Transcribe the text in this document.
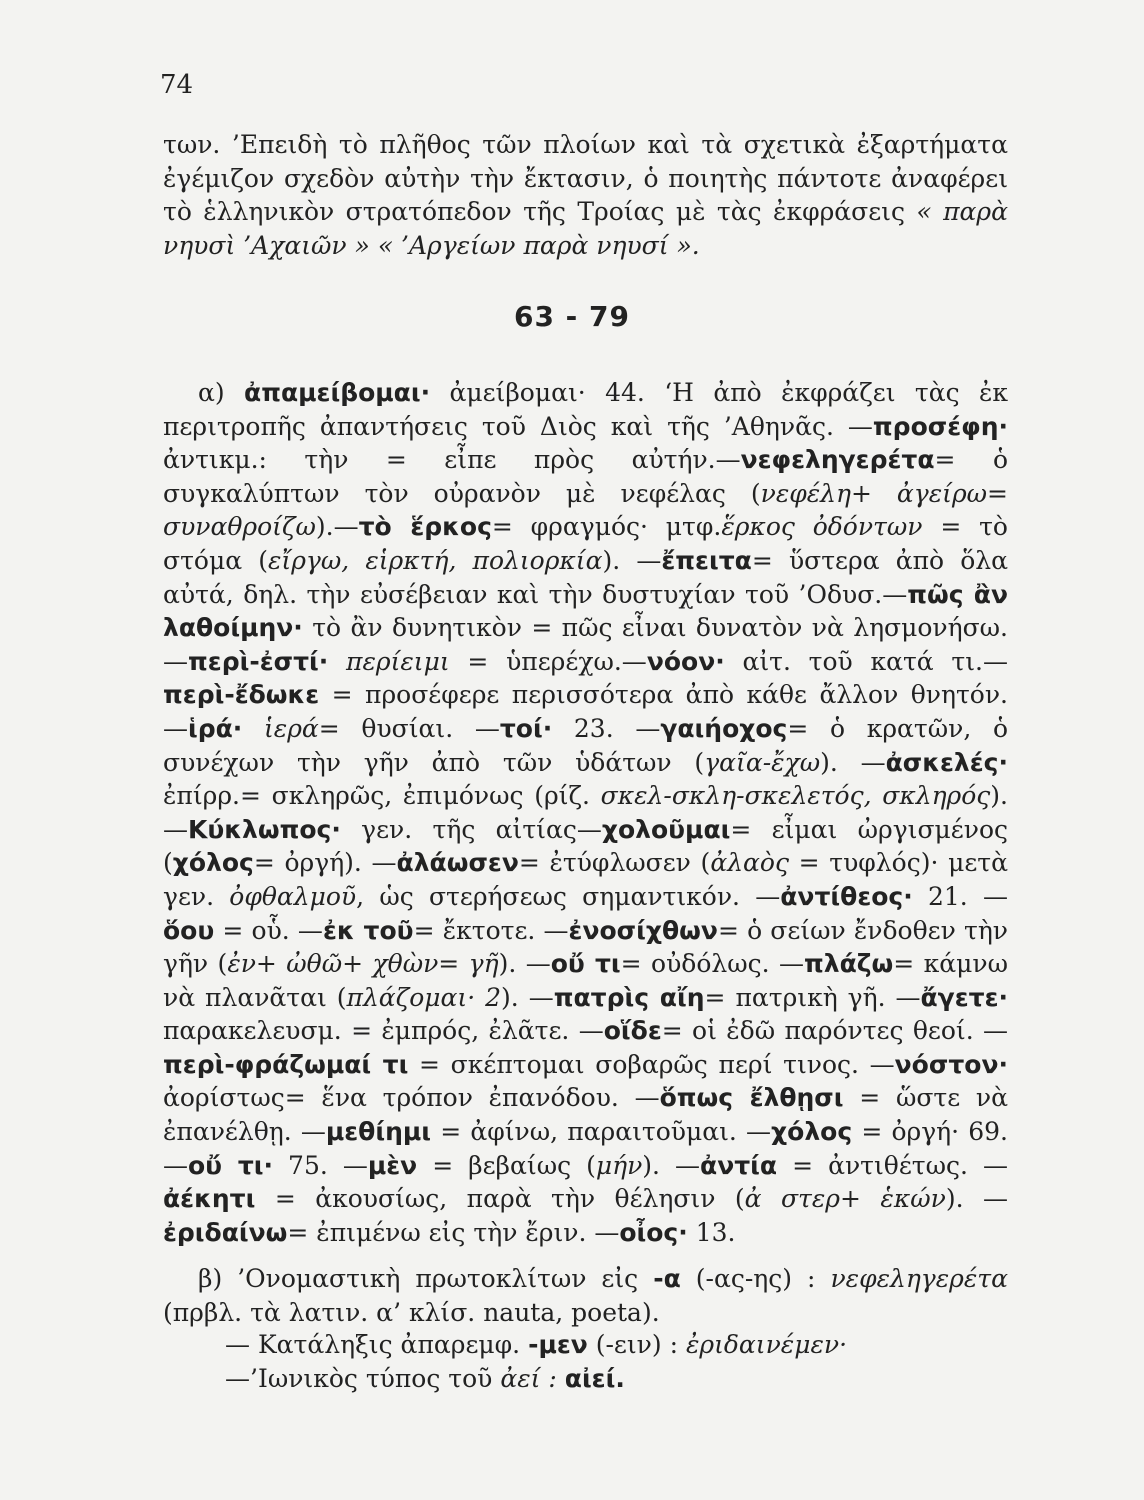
74
των. ’Επειδὴ τὸ πλῆθος τῶν πλοίων καὶ τὰ σχετικὰ ἐξαρτήματα ἐγέμιζον σχεδὸν αὐτὴν τὴν ἔκτασιν, ὁ ποιητὴς πάντοτε ἀναφέρει τὸ ἑλληνικὸν στρατόπεδον τῆς Τροίας μὲ τὰς ἐκφράσεις « παρὰ νηυσὶ ’Αχαιῶν » « ’Αργείων παρὰ νηυσί ».
63 - 79
α) ἀπαμείβομαι· ἀμείβομαι· 44. ‘Η ἀπὸ ἐκφράζει τὰς ἐκ περιτροπῆς ἀπαντήσεις τοῦ Διὸς καὶ τῆς ’Αθηνᾶς. —προσέφη· ἀντικμ.: τὴν = εἶπε πρὸς αὐτήν.—νεφεληγερέτα= ὁ συγκαλύπτων τὸν οὐρανὸν μὲ νεφέλας (νεφέλη+ ἀγείρω= συναθροίζω).—τὸ ἕρκος= φραγμός· μτφ.ἕρκος ὀδόντων = τὸ στόμα (εἴργω, εἱρκτή, πολιορκία). —ἔπειτα= ὕστερα ἀπὸ ὅλα αὐτά, δηλ. τὴν εὐσέβειαν καὶ τὴν δυστυχίαν τοῦ ’Οδυσ.—πῶς ἂν λαθοίμην· τὸ ἂν δυνητικὸν = πῶς εἶναι δυνατὸν νὰ λησμονήσω.—περὶ-ἐστί· περίειμι = ὑπερέχω.—νόον· αἰτ. τοῦ κατά τι.—περὶ-ἔδωκε = προσέφερε περισσότερα ἀπὸ κάθε ἄλλον θνητόν. —ἱρά· ἱερά= θυσίαι. —τοί· 23. —γαιήοχος= ὁ κρατῶν, ὁ συνέχων τὴν γῆν ἀπὸ τῶν ὑδάτων (γαῖα-ἔχω). —ἀσκελές· ἐπίρρ.= σκληρῶς, ἐπιμόνως (ρίζ. σκελ-σκλη-σκελετός, σκληρός). —Κύκλωπος· γεν. τῆς αἰτίας—χολοῦμαι= εἶμαι ὠργισμένος (χόλος= ὀργή). —ἀλάωσεν= ἐτύφλωσεν (ἀλαὸς = τυφλός)· μετὰ γεν. ὀφθαλμοῦ, ὡς στερήσεως σημαντικόν. —ἀντίθεος· 21. —ὅου = οὗ. —ἐκ τοῦ= ἔκτοτε. —ἐνοσίχθων= ὁ σείων ἔνδοθεν τὴν γῆν (ἐν+ ὠθῶ+ χθὼν= γῆ). —οὔ τι= οὐδόλως. —πλάζω= κάμνω νὰ πλανᾶται (πλάζομαι· 2). —πατρὶς αἴη= πατρικὴ γῆ. —ἄγετε· παρακελευσμ. = ἐμπρός, ἐλᾶτε. —οἵδε= οἱ ἐδῶ παρόντες θεοί. —περὶ-φράζωμαί τι = σκέπτομαι σοβαρῶς περί τινος. —νόστον· ἀορίστως= ἕνα τρόπον ἐπανόδου. —ὅπως ἔλθῃσι = ὥστε νὰ ἐπανέλθῃ. —μεθίημι = ἀφίνω, παραιτοῦμαι. —χόλος = ὀργή· 69.—οὔ τι· 75. —μὲν = βεβαίως (μήν). —ἀντία = ἀντιθέτως. —ἀέκητι = ἀκουσίως, παρὰ τὴν θέλησιν (ἀ στερ+ ἑκών). —ἐριδαίνω= ἐπιμένω εἰς τὴν ἔριν. —οἶος· 13.
β) ’Ονομαστικὴ πρωτοκλίτων εἰς -α (-ας-ης) : νεφεληγερέτα (πρβλ. τὰ λατιν. α’ κλίσ. nauta, poeta).
— Κατάληξις ἀπαρεμφ. -μεν (-ειν) : ἐριδαινέμεν·
—’Ιωνικὸς τύπος τοῦ ἀεί : αἰεί.
